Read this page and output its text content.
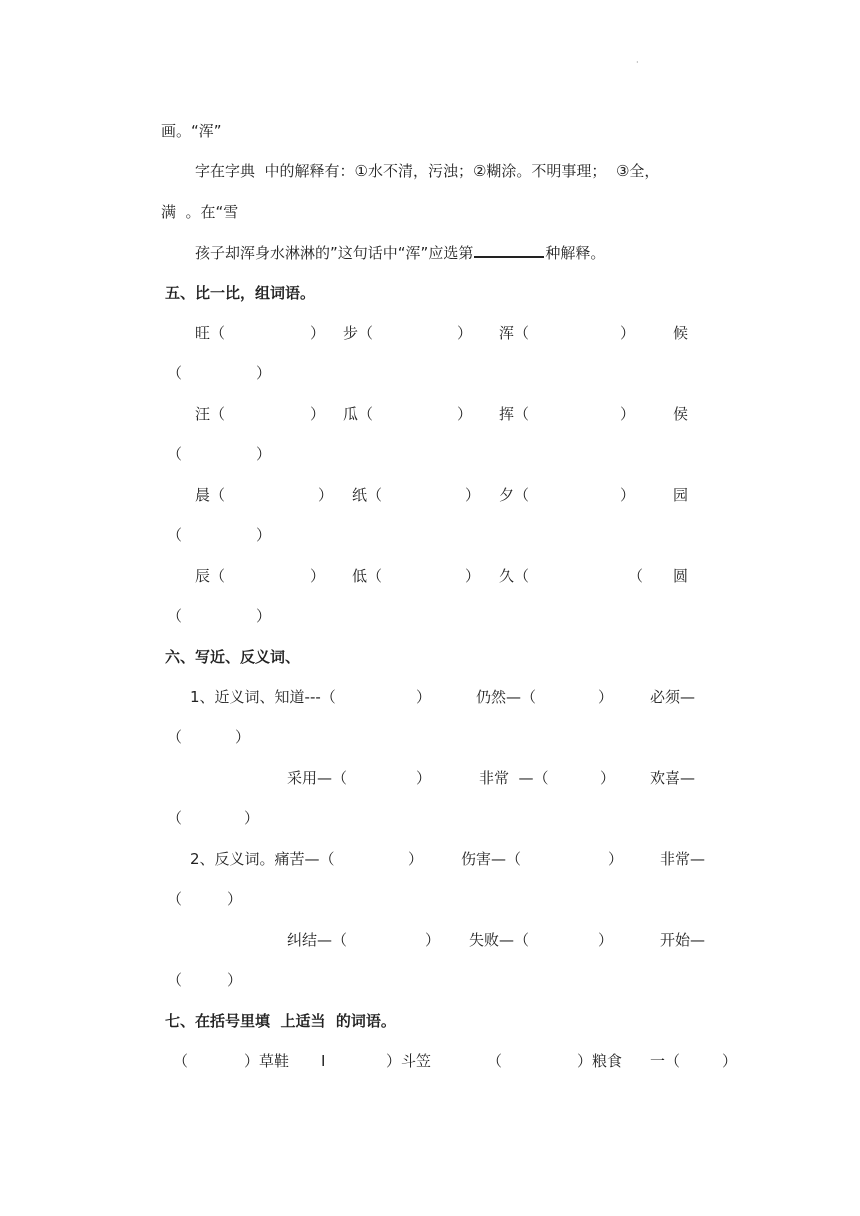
·
画。“浑”
字在字典  中的解释有：①水不清，污浊；②糊涂。不明事理；  ③全，
满  。在“雪
孩子却浑身水淋淋的”这句话中“浑”应选第	种解释。
五、比一比，组词语。
旺（	） 步（	） 浑（	）	候
（	）
汪（	） 瓜（	） 挥（	）	侯
（	）
晨（	） 纸（	） 夕（	）	园
（	）
辰（	） 低（	） 久（	（ 圆
（	）
六、写近、反义词、
1、近义词、知道---（	）	仍然—（	） 必须—
（	）
采用—（	）	非常  —（	） 欢喜—
（	）
2、反义词。痛苦—（	）	伤害—（	） 非常—
（	）
纠结—（	） 失败—（	）	开始—
（	）
七、在括号里填  上适当  的词语。
（	）草鞋 I	）斗笠	（	）粮食 一（	）
